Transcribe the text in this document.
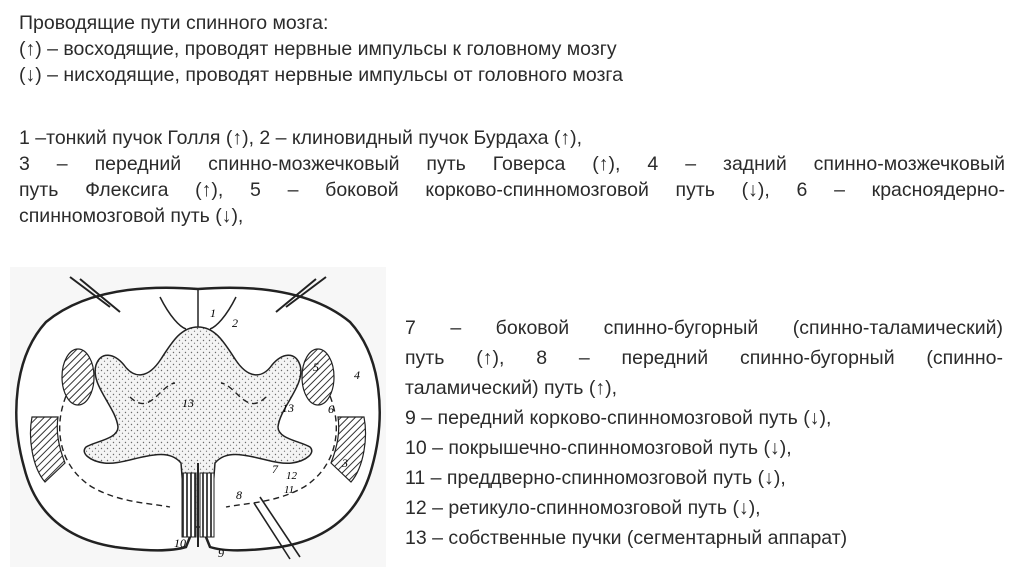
Проводящие пути спинного мозга:
(↑) – восходящие, проводят нервные импульсы к головному мозгу
(↓) – нисходящие, проводят нервные импульсы от головного мозга
1 –тонкий пучок Голля (↑), 2 – клиновидный пучок Бурдаха (↑),
3 – передний спинно-мозжечковый путь Говерса (↑), 4 – задний спинно-мозжечковый
путь Флексига (↑), 5 – боковой корково-спинномозговой путь (↓), 6 – красноядерно-
спинномозговой путь (↓),
7 – боковой спинно-бугорный (спинно-таламический)
путь (↑), 8 – передний спинно-бугорный (спинно-
таламический) путь (↑),
9 – передний корково-спинномозговой путь (↓),
10 – покрышечно-спинномозговой путь (↓),
11 – преддверно-спинномозговой путь (↓),
12 – ретикуло-спинномозговой путь (↓),
13 – собственные пучки (сегментарный аппарат)
1
2
3
4
5
6
7
8
9
10
11
12
13	13
